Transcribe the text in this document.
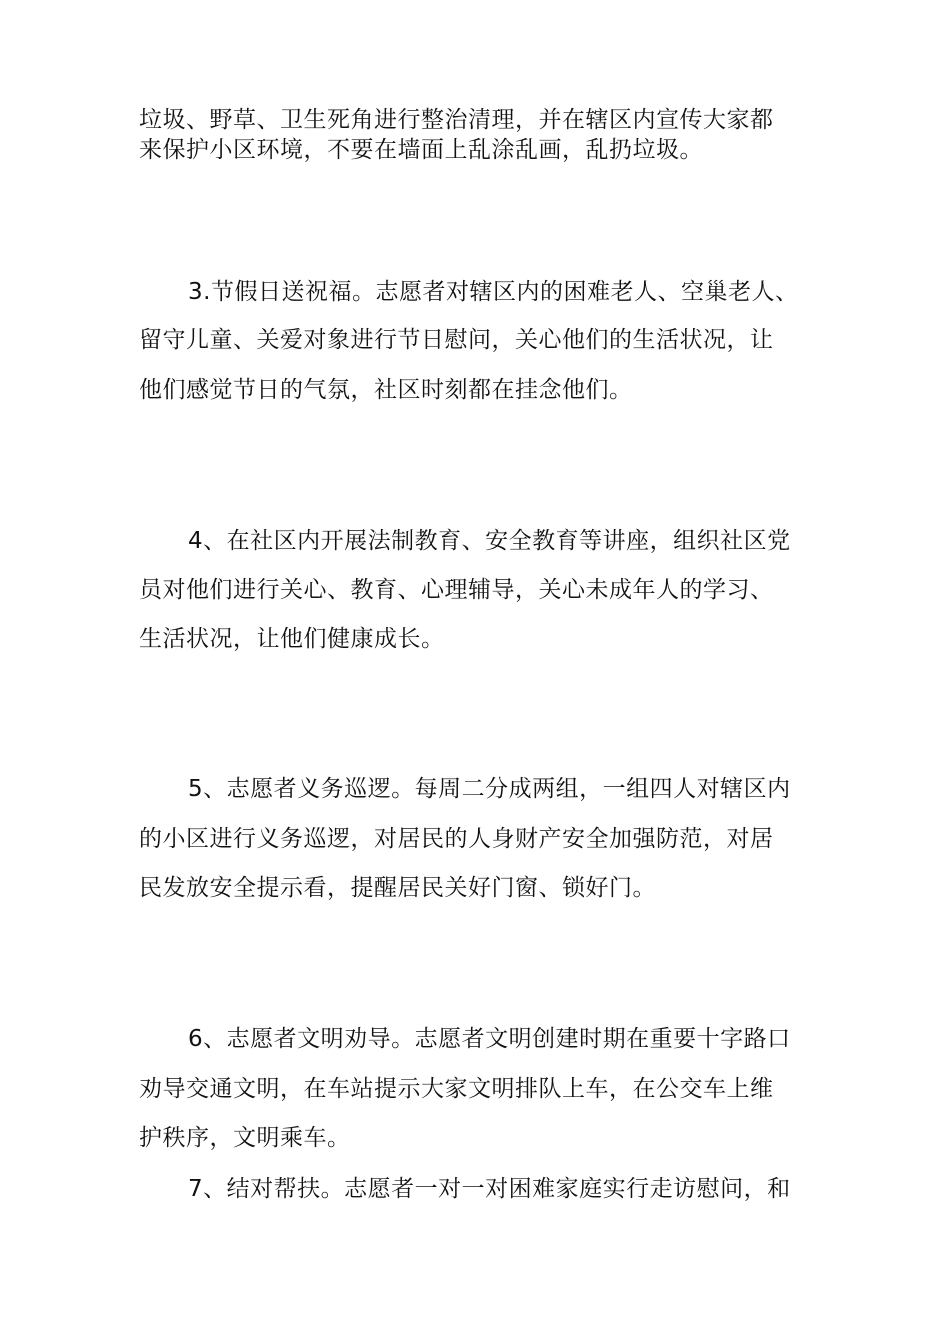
垃圾、野草、卫生死角进行整治清理，并在辖区内宣传大家都
来保护小区环境，不要在墙面上乱涂乱画，乱扔垃圾。
3.节假日送祝福。志愿者对辖区内的困难老人、空巢老人、
留守儿童、关爱对象进行节日慰问，关心他们的生活状况，让
他们感觉节日的气氛，社区时刻都在挂念他们。
4、在社区内开展法制教育、安全教育等讲座，组织社区党
员对他们进行关心、教育、心理辅导，关心未成年人的学习、
生活状况，让他们健康成长。
5、志愿者义务巡逻。每周二分成两组，一组四人对辖区内
的小区进行义务巡逻，对居民的人身财产安全加强防范，对居
民发放安全提示看，提醒居民关好门窗、锁好门。
6、志愿者文明劝导。志愿者文明创建时期在重要十字路口
劝导交通文明，在车站提示大家文明排队上车，在公交车上维
护秩序，文明乘车。
7、结对帮扶。志愿者一对一对困难家庭实行走访慰问，和
